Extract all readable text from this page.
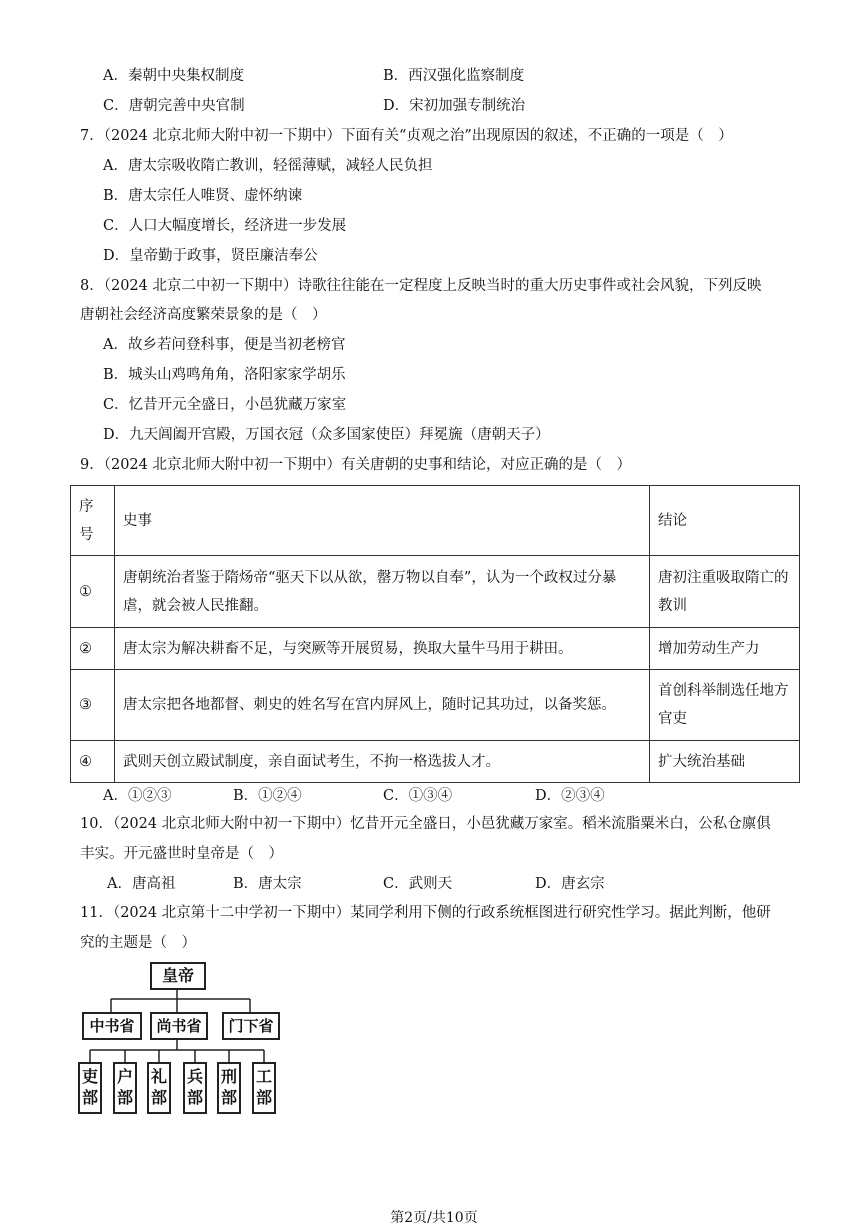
A．秦朝中央集权制度	B．西汉强化监察制度
C．唐朝完善中央官制	D．宋初加强专制统治
7．（2024 北京北师大附中初一下期中）下面有关“贞观之治”出现原因的叙述，不正确的一项是（　）
A．唐太宗吸收隋亡教训，轻徭薄赋，减轻人民负担
B．唐太宗任人唯贤、虚怀纳谏
C．人口大幅度增长，经济进一步发展
D．皇帝勤于政事，贤臣廉洁奉公
8．（2024 北京二中初一下期中）诗歌往往能在一定程度上反映当时的重大历史事件或社会风貌，下列反映
唐朝社会经济高度繁荣景象的是（　）
A．故乡若问登科事，便是当初老榜官
B．城头山鸡鸣角角，洛阳家家学胡乐
C．忆昔开元全盛日，小邑犹藏万家室
D．九天阊阖开宫殿，万国衣冠（众多国家使臣）拜冕旒（唐朝天子）
9．（2024 北京北师大附中初一下期中）有关唐朝的史事和结论，对应正确的是（　）
序号	史事	结论
①	唐朝统治者鉴于隋炀帝“驱天下以从欲，罄万物以自奉”，认为一个政权过分暴虐，就会被人民推翻。	唐初注重吸取隋亡的教训
②	唐太宗为解决耕畜不足，与突厥等开展贸易，换取大量牛马用于耕田。	增加劳动生产力
③	唐太宗把各地都督、刺史的姓名写在宫内屏风上，随时记其功过，以备奖惩。	首创科举制选任地方官吏
④	武则天创立殿试制度，亲自面试考生，不拘一格选拔人才。	扩大统治基础
A．①②③	B．①②④	C．①③④	D．②③④
10．（2024 北京北师大附中初一下期中）忆昔开元全盛日，小邑犹藏万家室。稻米流脂粟米白，公私仓廪俱
丰实。开元盛世时皇帝是（　）
A．唐高祖	B．唐太宗	C．武则天	D．唐玄宗
11．（2024 北京第十二中学初一下期中）某同学利用下侧的行政系统框图进行研究性学习。据此判断，他研
究的主题是（　）
皇帝
中书省	尚书省	门下省
吏
部
户
部
礼
部
兵
部
刑
部
工
部
第2页/共10页
